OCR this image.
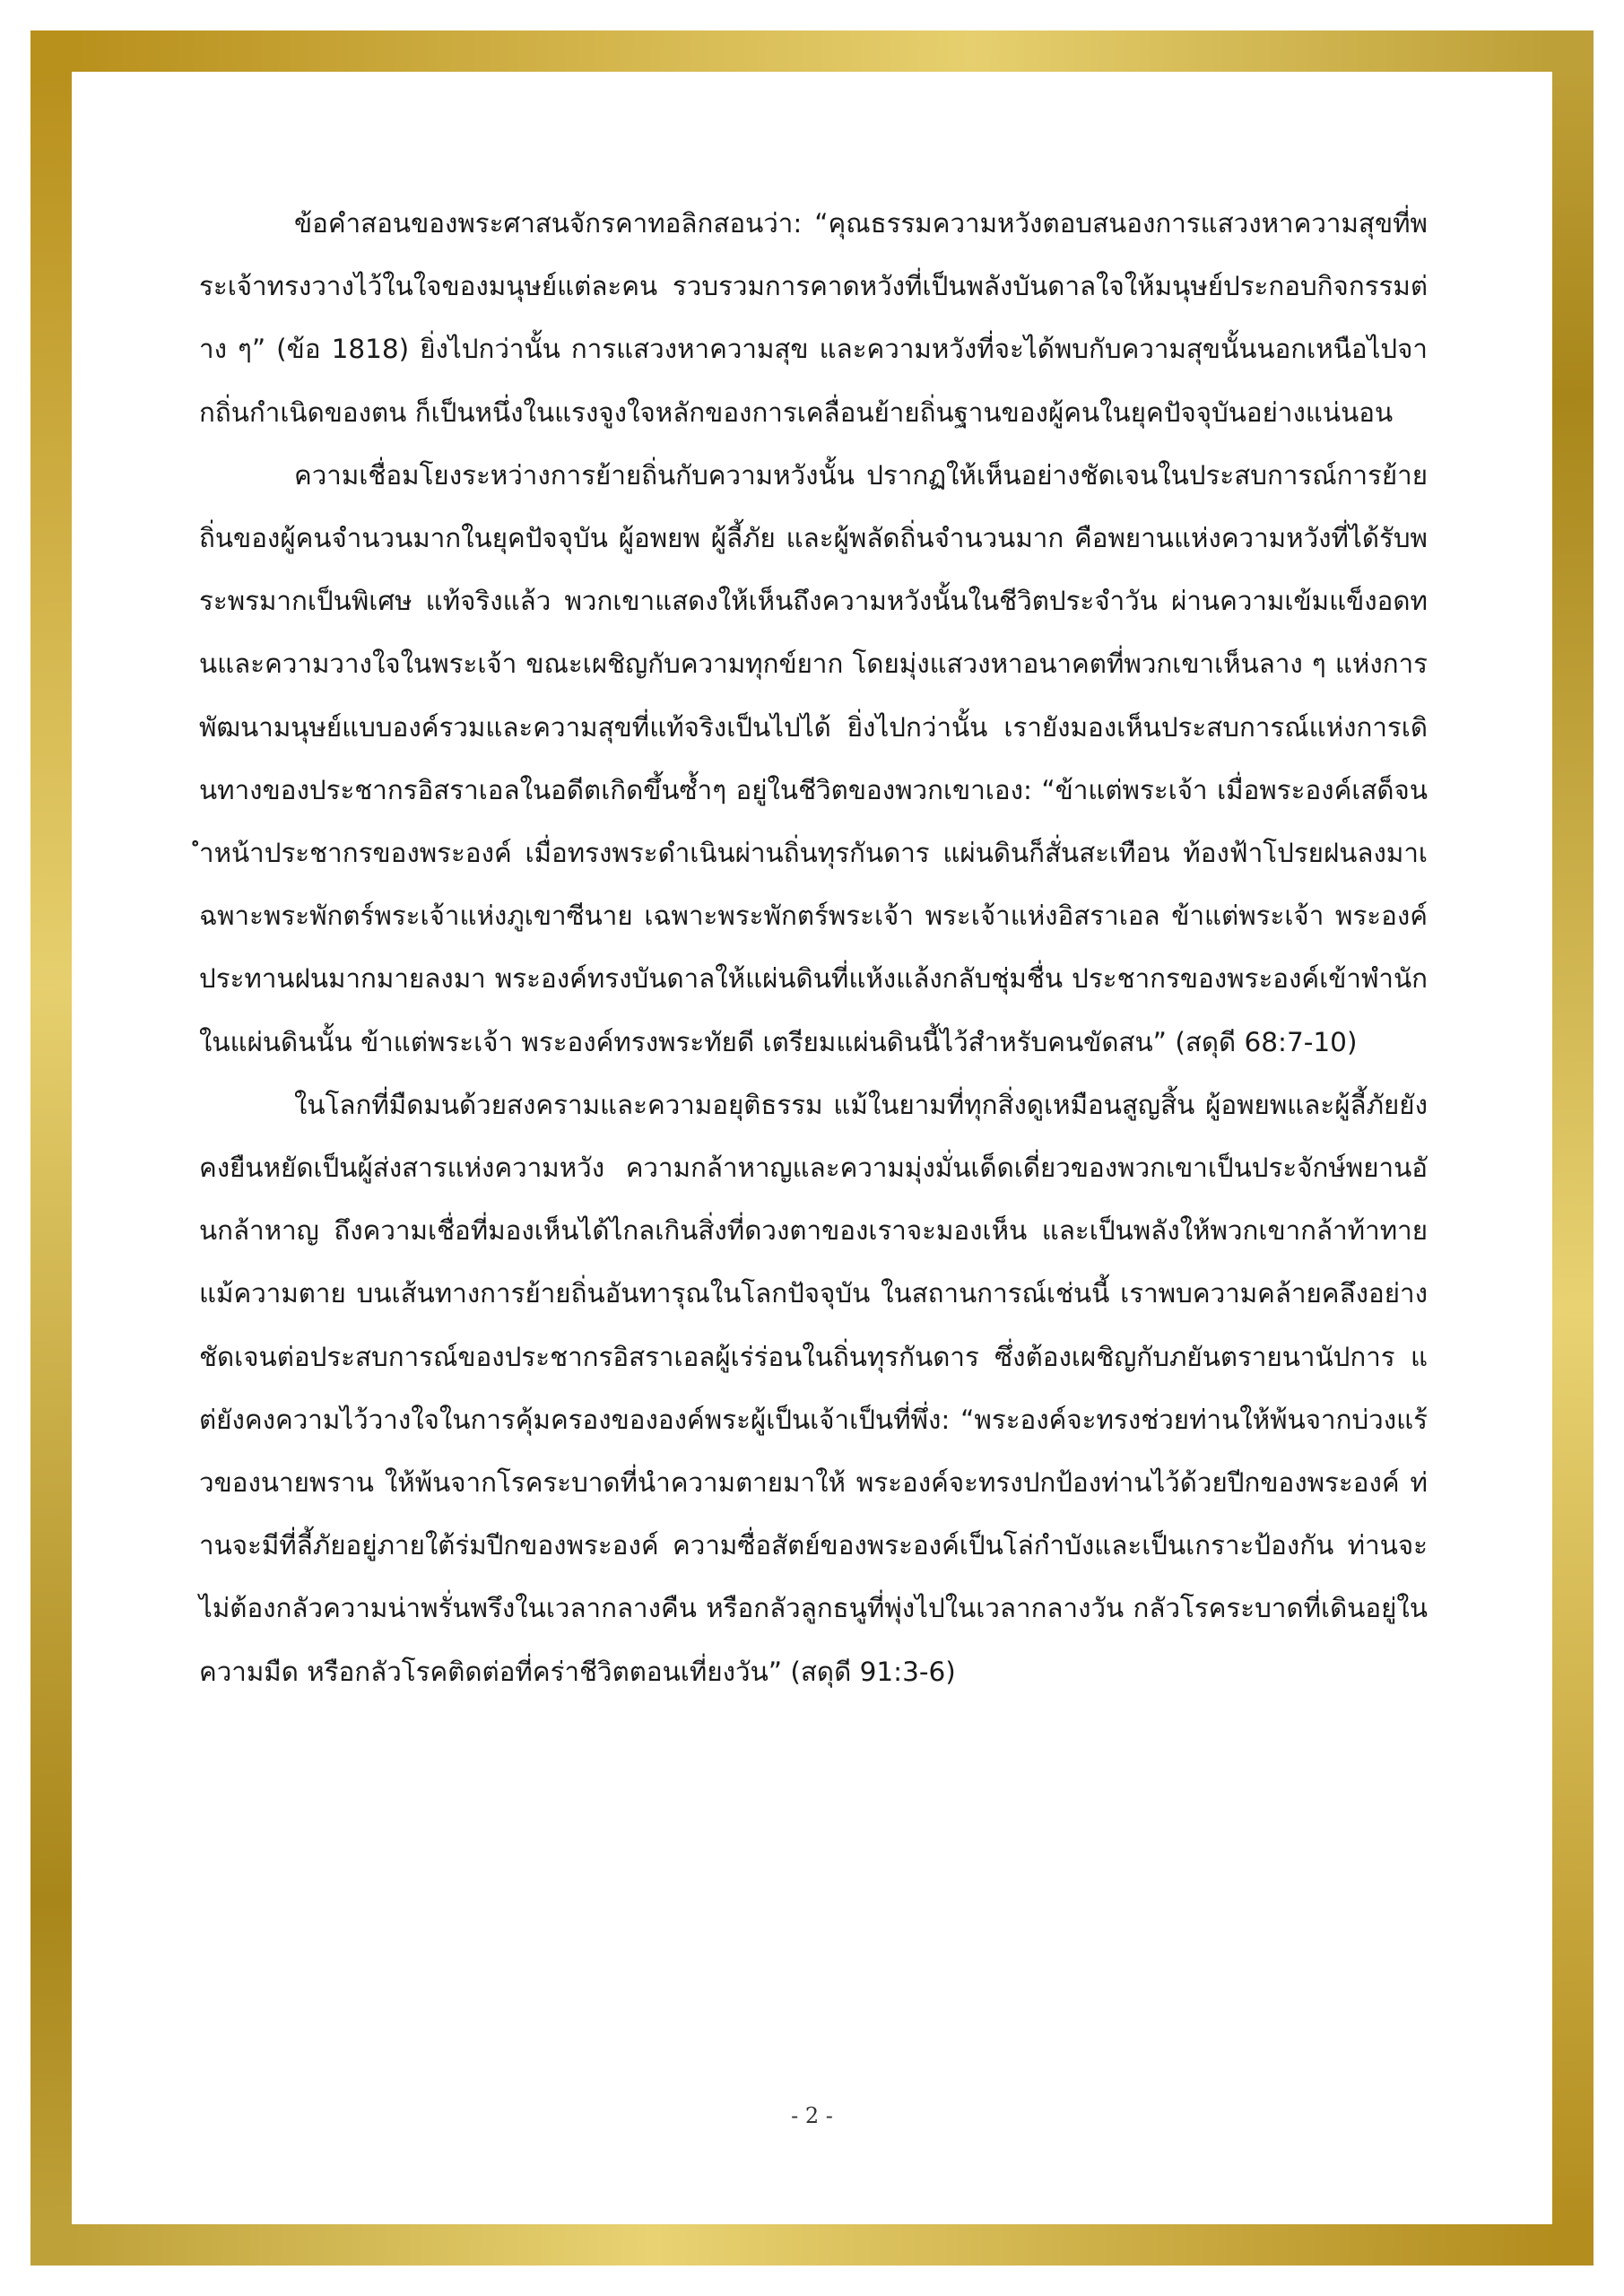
ข้อคำสอนของพระศาสนจักรคาทอลิกสอนว่า: “คุณธรรมความหวังตอบสนองการแสวงหาความสุขที่พระเจ้าทรงวางไว้ในใจของมนุษย์แต่ละคน รวบรวมการคาดหวังที่เป็นพลังบันดาลใจให้มนุษย์ประกอบกิจกรรมต่าง ๆ” (ข้อ 1818) ยิ่งไปกว่านั้น การแสวงหาความสุข และความหวังที่จะได้พบกับความสุขนั้นนอกเหนือไปจากถิ่นกำเนิดของตน ก็เป็นหนึ่งในแรงจูงใจหลักของการเคลื่อนย้ายถิ่นฐานของผู้คนในยุคปัจจุบันอย่างแน่นอน

ความเชื่อมโยงระหว่างการย้ายถิ่นกับความหวังนั้น ปรากฏให้เห็นอย่างชัดเจนในประสบการณ์การย้ายถิ่นของผู้คนจำนวนมากในยุคปัจจุบัน ผู้อพยพ ผู้ลี้ภัย และผู้พลัดถิ่นจำนวนมาก คือพยานแห่งความหวังที่ได้รับพระพรมากเป็นพิเศษ แท้จริงแล้ว พวกเขาแสดงให้เห็นถึงความหวังนั้นในชีวิตประจำวัน ผ่านความเข้มแข็งอดทนและความวางใจในพระเจ้า ขณะเผชิญกับความทุกข์ยาก โดยมุ่งแสวงหาอนาคตที่พวกเขาเห็นลาง ๆ แห่งการพัฒนามนุษย์แบบองค์รวมและความสุขที่แท้จริงเป็นไปได้ ยิ่งไปกว่านั้น เรายังมองเห็นประสบการณ์แห่งการเดินทางของประชากรอิสราเอลในอดีตเกิดขึ้นซ้ำๆ อยู่ในชีวิตของพวกเขาเอง: “ข้าแต่พระเจ้า เมื่อพระองค์เสด็จนำหน้าประชากรของพระองค์ เมื่อทรงพระดำเนินผ่านถิ่นทุรกันดาร แผ่นดินก็สั่นสะเทือน ท้องฟ้าโปรยฝนลงมาเฉพาะพระพักตร์พระเจ้าแห่งภูเขาซีนาย เฉพาะพระพักตร์พระเจ้า พระเจ้าแห่งอิสราเอล ข้าแต่พระเจ้า พระองค์ประทานฝนมากมายลงมา พระองค์ทรงบันดาลให้แผ่นดินที่แห้งแล้งกลับชุ่มชื่น ประชากรของพระองค์เข้าพำนักในแผ่นดินนั้น ข้าแต่พระเจ้า พระองค์ทรงพระทัยดี เตรียมแผ่นดินนี้ไว้สำหรับคนขัดสน” (สดุดี 68:7-10)

ในโลกที่มืดมนด้วยสงครามและความอยุติธรรม แม้ในยามที่ทุกสิ่งดูเหมือนสูญสิ้น ผู้อพยพและผู้ลี้ภัยยังคงยืนหยัดเป็นผู้ส่งสารแห่งความหวัง ความกล้าหาญและความมุ่งมั่นเด็ดเดี่ยวของพวกเขาเป็นประจักษ์พยานอันกล้าหาญ ถึงความเชื่อที่มองเห็นได้ไกลเกินสิ่งที่ดวงตาของเราจะมองเห็น และเป็นพลังให้พวกเขากล้าท้าทายแม้ความตาย บนเส้นทางการย้ายถิ่นอันทารุณในโลกปัจจุบัน ในสถานการณ์เช่นนี้ เราพบความคล้ายคลึงอย่างชัดเจนต่อประสบการณ์ของประชากรอิสราเอลผู้เร่ร่อนในถิ่นทุรกันดาร ซึ่งต้องเผชิญกับภยันตรายนานัปการ แต่ยังคงความไว้วางใจในการคุ้มครองขององค์พระผู้เป็นเจ้าเป็นที่พึ่ง: “พระองค์จะทรงช่วยท่านให้พ้นจากบ่วงแร้วของนายพราน ให้พ้นจากโรคระบาดที่นำความตายมาให้ พระองค์จะทรงปกป้องท่านไว้ด้วยปีกของพระองค์ ท่านจะมีที่ลี้ภัยอยู่ภายใต้ร่มปีกของพระองค์ ความซื่อสัตย์ของพระองค์เป็นโล่กำบังและเป็นเกราะป้องกัน ท่านจะไม่ต้องกลัวความน่าพรั่นพรึงในเวลากลางคืน หรือกลัวลูกธนูที่พุ่งไปในเวลากลางวัน กลัวโรคระบาดที่เดินอยู่ในความมืด หรือกลัวโรคติดต่อที่คร่าชีวิตตอนเที่ยงวัน” (สดุดี 91:3-6)

- 2 -
